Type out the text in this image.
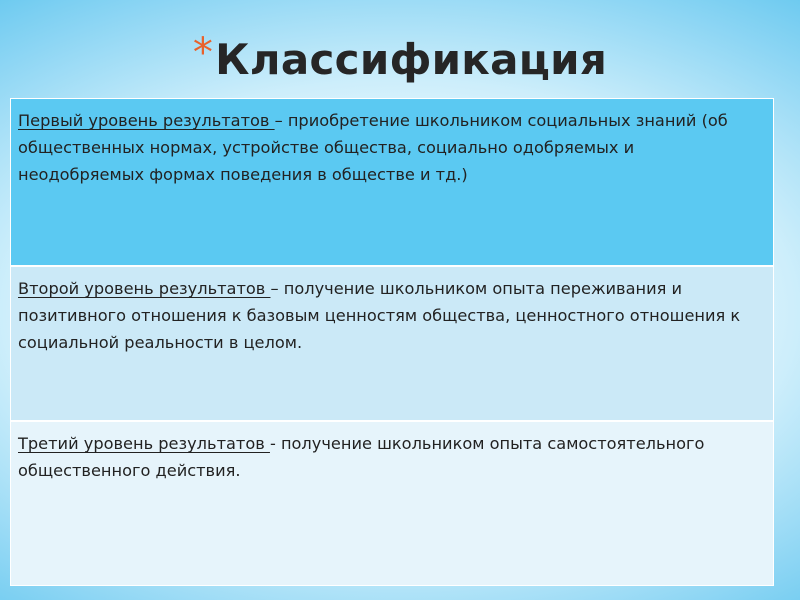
*Классификация
Первый уровень результатов – приобретение школьником социальных знаний (об общественных нормах, устройстве общества, социально одобряемых и неодобряемых формах поведения в обществе и тд.)
Второй уровень результатов – получение школьником опыта переживания и позитивного отношения к базовым ценностям общества, ценностного отношения к социальной реальности в целом.
Третий уровень результатов - получение школьником опыта самостоятельного общественного действия.
